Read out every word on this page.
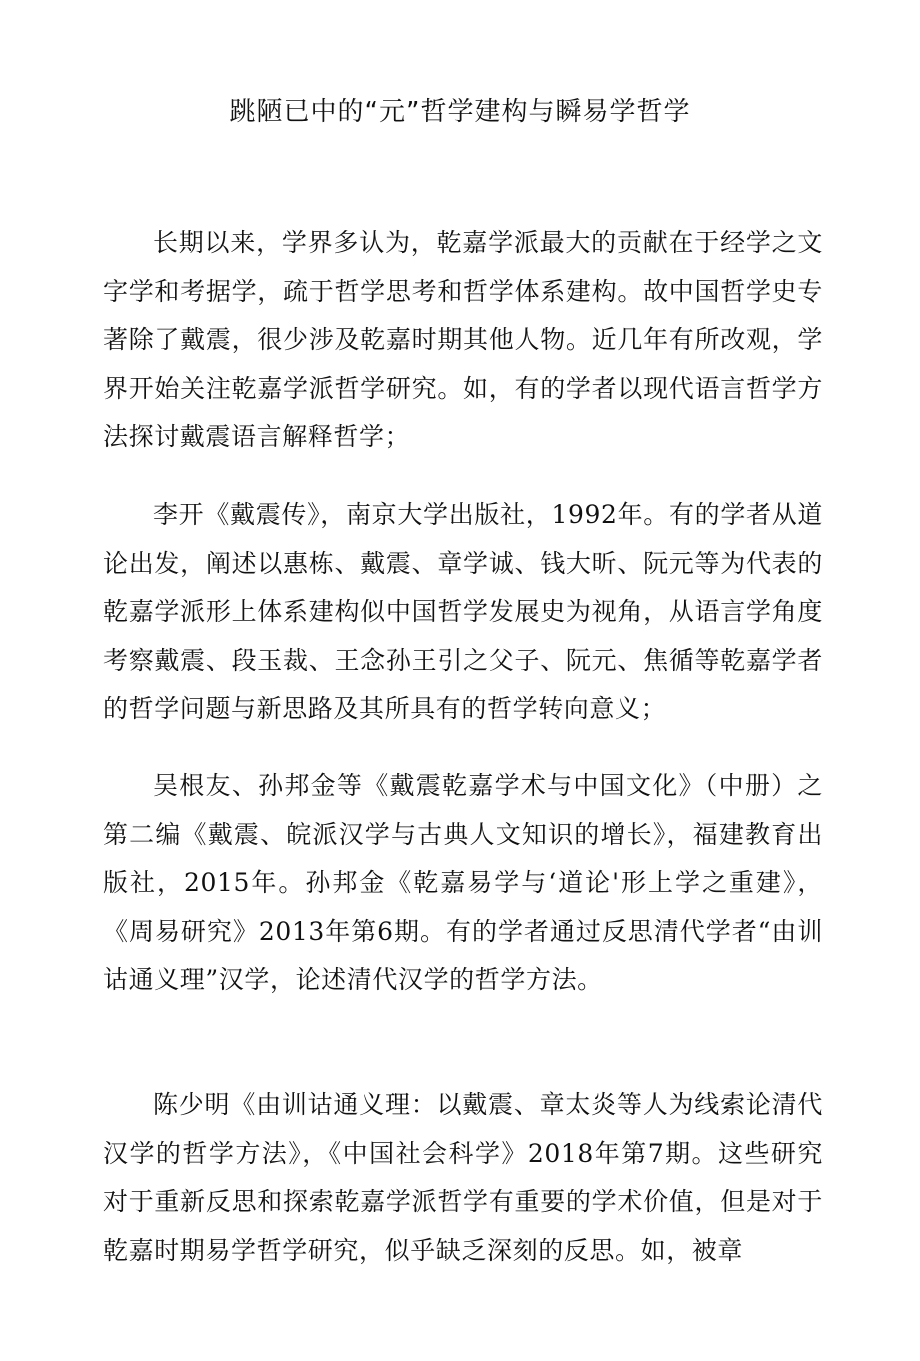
跳陋已中的“元”哲学建构与瞬易学哲学

长期以来，学界多认为，乾嘉学派最大的贡献在于经学之文字学和考据学，疏于哲学思考和哲学体系建构。故中国哲学史专著除了戴震，很少涉及乾嘉时期其他人物。近几年有所改观，学界开始关注乾嘉学派哲学研究。如，有的学者以现代语言哲学方法探讨戴震语言解释哲学；

李开《戴震传》，南京大学出版社，1992年。有的学者从道论出发，阐述以惠栋、戴震、章学诚、钱大昕、阮元等为代表的乾嘉学派形上体系建构似中国哲学发展史为视角，从语言学角度考察戴震、段玉裁、王念孙王引之父子、阮元、焦循等乾嘉学者的哲学问题与新思路及其所具有的哲学转向意义；

吴根友、孙邦金等《戴震乾嘉学术与中国文化》（中册）之第二编《戴震、皖派汉学与古典人文知识的增长》，福建教育出版社，2015年。孙邦金《乾嘉易学与‘道论'形上学之重建》，《周易研究》2013年第6期。有的学者通过反思清代学者“由训诂通义理”汉学，论述清代汉学的哲学方法。

陈少明《由训诂通义理：以戴震、章太炎等人为线索论清代汉学的哲学方法》，《中国社会科学》2018年第7期。这些研究对于重新反思和探索乾嘉学派哲学有重要的学术价值，但是对于乾嘉时期易学哲学研究，似乎缺乏深刻的反思。如，被章
